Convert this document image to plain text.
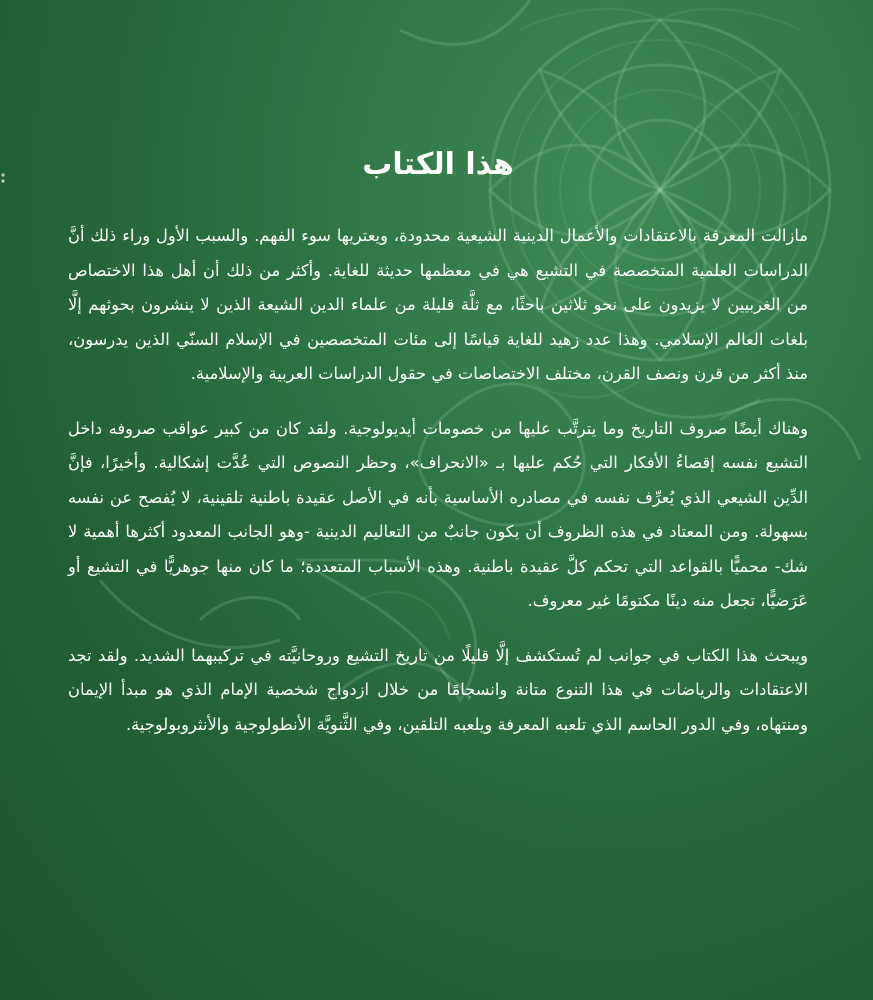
هذا الكتاب

مازالت المعرفة بالاعتقادات والأعمال الدينية الشيعية محدودة، ويعتريها سوء الفهم. والسبب الأول وراء ذلك أنَّ الدراسات العلمية المتخصصة في التشيع هي في معظمها حديثة للغاية. وأكثر من ذلك أن أهل هذا الاختصاص من الغربيين لا يزيدون على نحو ثلاثين باحثًا، مع ثلَّة قليلة من علماء الدين الشيعة الذين لا ينشرون بحوثهم إلَّا بلغات العالم الإسلامي. وهذا عدد زهيد للغاية قياسًا إلى مئات المتخصصين في الإسلام السنّي الذين يدرسون، منذ أكثر من قرن ونصف القرن، مختلف الاختصاصات في حقول الدراسات العربية والإسلامية.

وهناك أيضًا صروف التاريخ وما يترتَّب عليها من خصومات أيديولوجية. ولقد كان من كبير عواقب صروفه داخل التشيع نفسه إقصاءُ الأفكار التي حُكم عليها بـ «الانحراف»، وحظر النصوص التي عُدَّت إشكالية. وأخيرًا، فإنَّ الدِّين الشيعي الذي يُعرِّف نفسه في مصادره الأساسية بأنه في الأصل عقيدة باطنية تلقينية، لا يُفصح عن نفسه بسهولة. ومن المعتاد في هذه الظروف أن يكون جانبٌ من التعاليم الدينية -وهو الجانب المعدود أكثرها أهمية لا شك- محميًّا بالقواعد التي تحكم كلَّ عقيدة باطنية. وهذه الأسباب المتعددة؛ ما كان منها جوهريًّا في التشيع أو عَرَضيًّا، تجعل منه دينًا مكتومًا غير معروف.

ويبحث هذا الكتاب في جوانب لم تُستكشف إلَّا قليلًا من تاريخ التشيع وروحانيَّته في تركيبهما الشديد. ولقد تجد الاعتقادات والرياضات في هذا التنوع متانة وانسجامًا من خلال ازدواج شخصية الإمام الذي هو مبدأ الإيمان ومنتهاه، وفي الدور الحاسم الذي تلعبه المعرفة ويلعبه التلقين، وفي الثَّنويَّة الأنطولوجية والأنثروبولوجية.
